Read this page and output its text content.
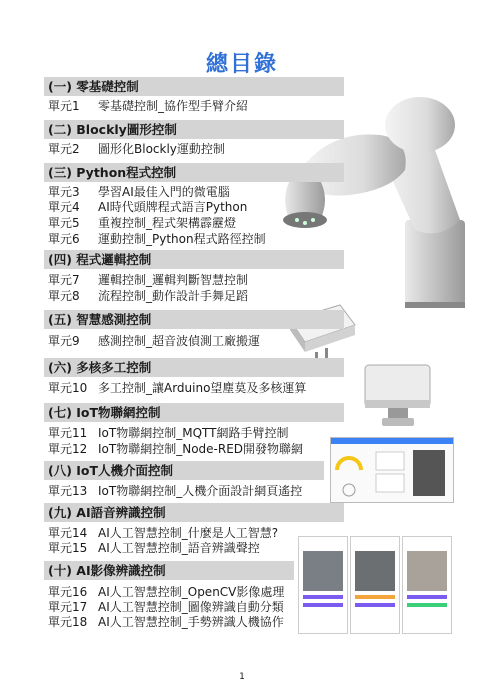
總目錄
(一) 零基礎控制
單元1 零基礎控制_協作型手臂介紹
(二) Blockly圖形控制
單元2 圖形化Blockly運動控制
(三) Python程式控制
單元3 學習AI最佳入門的微電腦
單元4 AI時代頭牌程式語言Python
單元5 重複控制_程式架構霹靂燈
單元6 運動控制_Python程式路徑控制
(四) 程式邏輯控制
單元7 邏輯控制_邏輯判斷智慧控制
單元8 流程控制_動作設計手舞足蹈
(五) 智慧感測控制
單元9 感測控制_超音波偵測工廠搬運
(六) 多核多工控制
單元10 多工控制_讓Arduino望塵莫及多核運算
(七) IoT物聯網控制
單元11 IoT物聯網控制_MQTT網路手臂控制
單元12 IoT物聯網控制_Node-RED開發物聯網
(八) IoT人機介面控制
單元13 IoT物聯網控制_人機介面設計網頁遙控
(九) AI語音辨識控制
單元14 AI人工智慧控制_什麼是人工智慧?
單元15 AI人工智慧控制_語音辨識聲控
(十) AI影像辨識控制
單元16 AI人工智慧控制_OpenCV影像處理
單元17 AI人工智慧控制_圖像辨識自動分類
單元18 AI人工智慧控制_手勢辨識人機協作
1
